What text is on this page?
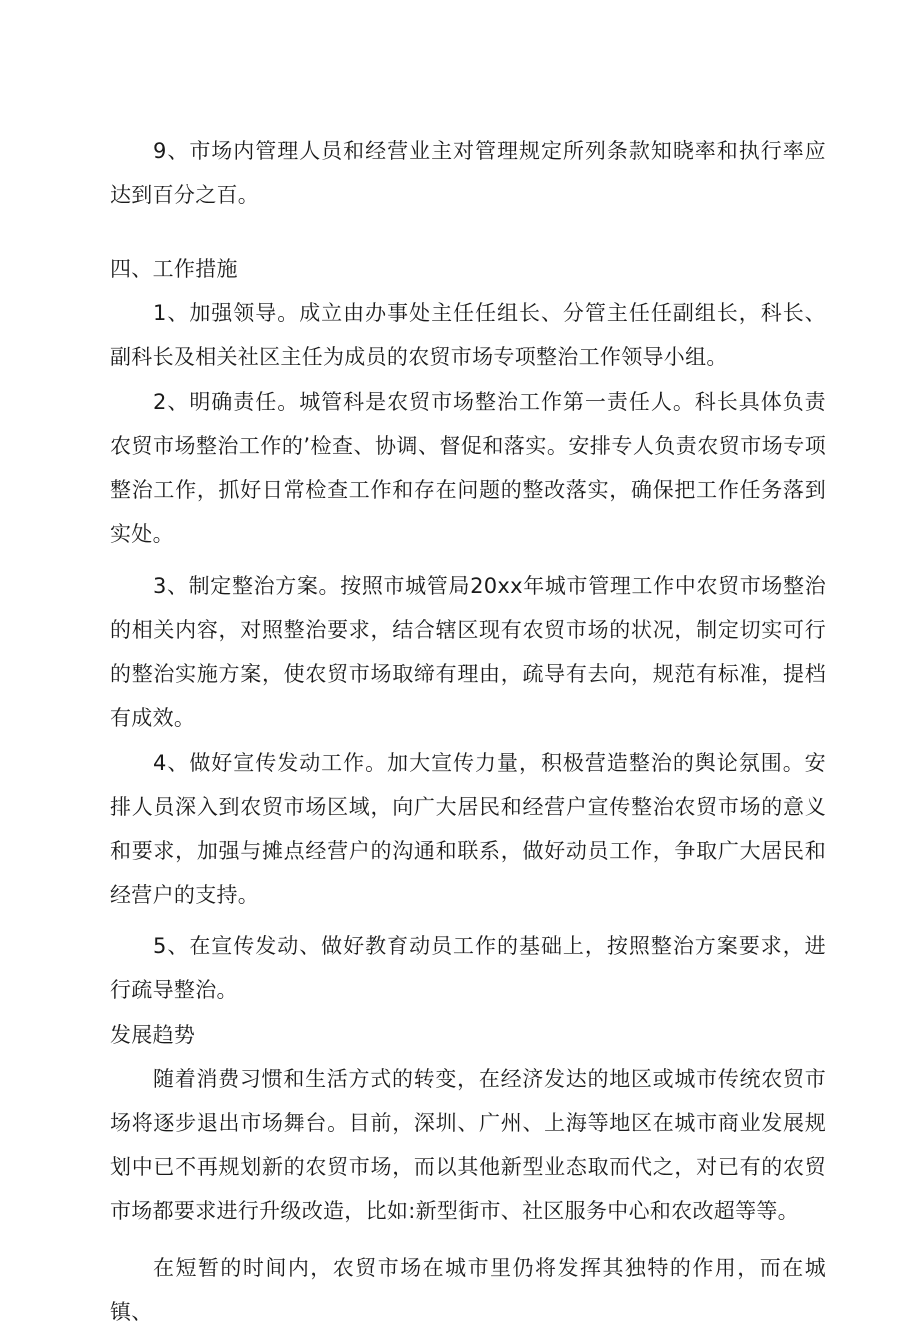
9、市场内管理人员和经营业主对管理规定所列条款知晓率和执行率应达到百分之百。

四、工作措施

1、加强领导。成立由办事处主任任组长、分管主任任副组长，科长、副科长及相关社区主任为成员的农贸市场专项整治工作领导小组。

2、明确责任。城管科是农贸市场整治工作第一责任人。科长具体负责农贸市场整治工作的’检查、协调、督促和落实。安排专人负责农贸市场专项整治工作，抓好日常检查工作和存在问题的整改落实，确保把工作任务落到实处。

3、制定整治方案。按照市城管局20xx年城市管理工作中农贸市场整治的相关内容，对照整治要求，结合辖区现有农贸市场的状况，制定切实可行的整治实施方案，使农贸市场取缔有理由，疏导有去向，规范有标准，提档有成效。

4、做好宣传发动工作。加大宣传力量，积极营造整治的舆论氛围。安排人员深入到农贸市场区域，向广大居民和经营户宣传整治农贸市场的意义和要求，加强与摊点经营户的沟通和联系，做好动员工作，争取广大居民和经营户的支持。

5、在宣传发动、做好教育动员工作的基础上，按照整治方案要求，进行疏导整治。

发展趋势

随着消费习惯和生活方式的转变，在经济发达的地区或城市传统农贸市场将逐步退出市场舞台。目前，深圳、广州、上海等地区在城市商业发展规划中已不再规划新的农贸市场，而以其他新型业态取而代之，对已有的农贸市场都要求进行升级改造，比如:新型街市、社区服务中心和农改超等等。

在短暂的时间内，农贸市场在城市里仍将发挥其独特的作用，而在城镇、
